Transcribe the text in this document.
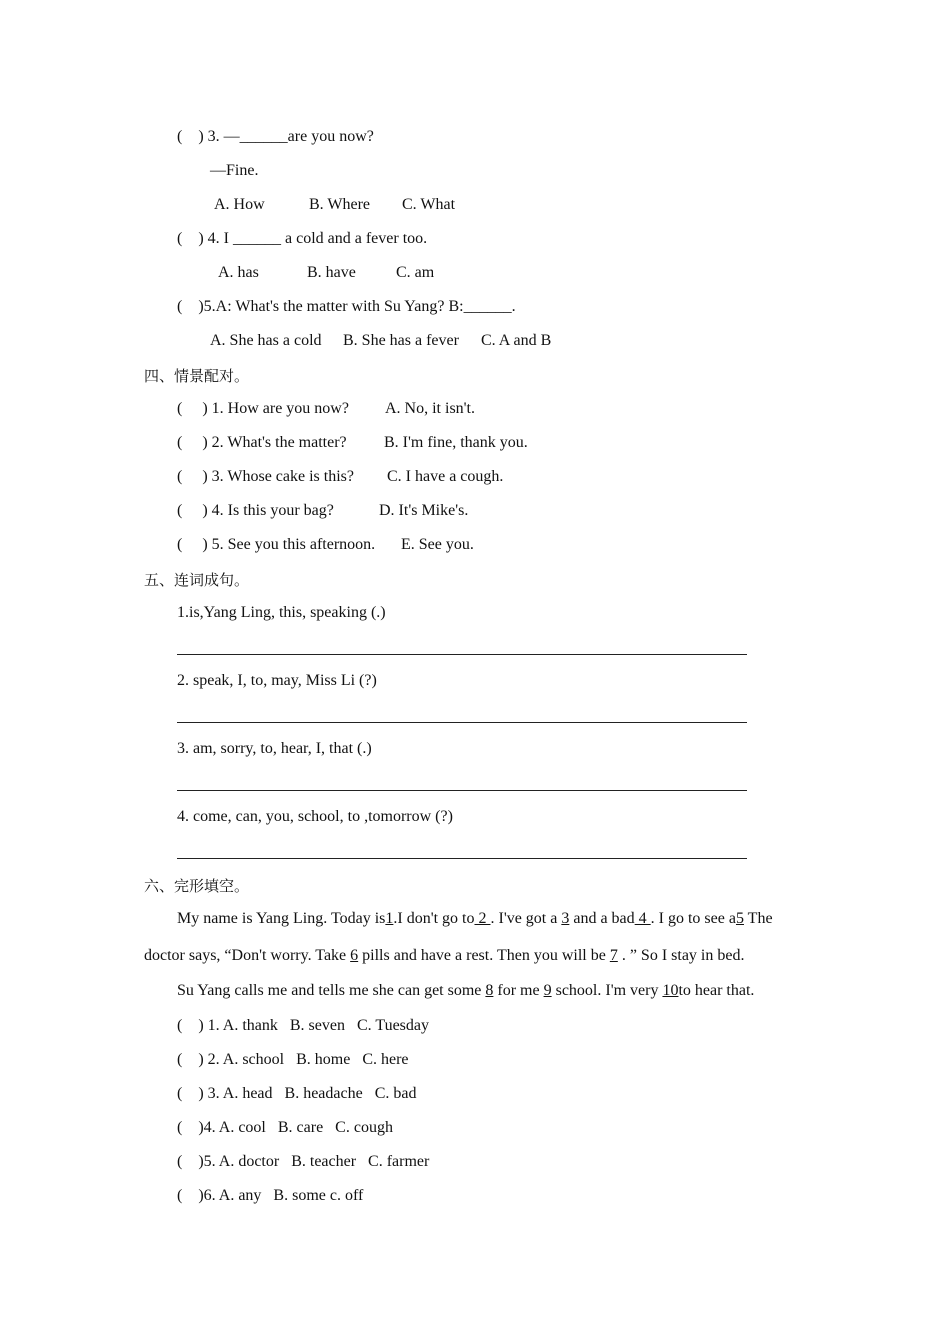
(    ) 3. —______are you now?
—Fine.
A. How	B. Where C. What
(    ) 4. I ______ a cold and a fever too.
A. has	B. have	C. am
(    )5.A: What's the matter with Su Yang? B:______.
A. She has a cold B. She has a fever C. A and B
四、情景配对。
(     ) 1. How are you now? A. No, it isn't.
(     ) 2. What's the matter? B. I'm fine, thank you.
(     ) 3. Whose cake is this? C. I have a cough.
(     ) 4. Is this your bag?	D. It's Mike's.
(     ) 5. See you this afternoon. E. See you.
五、连词成句。
1.is,Yang Ling, this, speaking (.)
2. speak, I, to, may, Miss Li (?)
3. am, sorry, to, hear, I, that (.)
4. come, can, you, school, to ,tomorrow (?)
六、完形填空。
My name is Yang Ling. Today is1.I don't go to 2 . I've got a 3 and a bad 4 . I go to see a5 The
doctor says, “Don't worry. Take 6 pills and have a rest. Then you will be 7 . ” So I stay in bed.
Su Yang calls me and tells me she can get some 8 for me 9 school. I'm very 10to hear that.
(    ) 1. A. thank   B. seven   C. Tuesday
(    ) 2. A. school   B. home   C. here
(    ) 3. A. head   B. headache   C. bad
(    )4. A. cool   B. care   C. cough
(    )5. A. doctor   B. teacher   C. farmer
(    )6. A. any   B. some c. off
